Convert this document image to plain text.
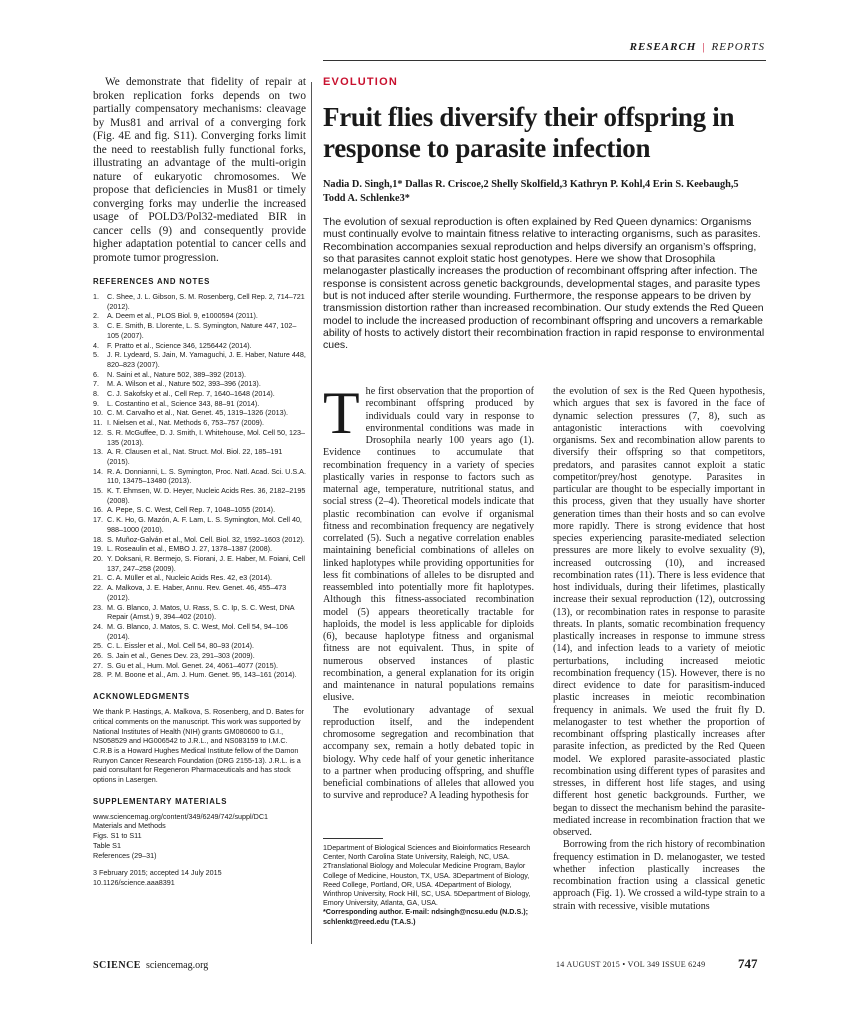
RESEARCH | REPORTS

We demonstrate that fidelity of repair at broken replication forks depends on two partially compensatory mechanisms: cleavage by Mus81 and arrival of a converging fork (Fig. 4E and fig. S11). Converging forks limit the need to reestablish fully functional forks, illustrating an advantage of the multi-origin nature of eukaryotic chromosomes. We propose that deficiencies in Mus81 or timely converging forks may underlie the increased usage of POLD3/Pol32-mediated BIR in cancer cells (9) and consequently provide higher adaptation potential to cancer cells and promote tumor progression.

REFERENCES AND NOTES
1. C. Shee, J. L. Gibson, S. M. Rosenberg, Cell Rep. 2, 714–721 (2012).
2. A. Deem et al., PLOS Biol. 9, e1000594 (2011).
3. C. E. Smith, B. Llorente, L. S. Symington, Nature 447, 102–105 (2007).
4. F. Pratto et al., Science 346, 1256442 (2014).
5. J. R. Lydeard, S. Jain, M. Yamaguchi, J. E. Haber, Nature 448, 820–823 (2007).
6. N. Saini et al., Nature 502, 389–392 (2013).
7. M. A. Wilson et al., Nature 502, 393–396 (2013).
8. C. J. Sakofsky et al., Cell Rep. 7, 1640–1648 (2014).
9. L. Costantino et al., Science 343, 88–91 (2014).
10. C. M. Carvalho et al., Nat. Genet. 45, 1319–1326 (2013).
11. I. Nielsen et al., Nat. Methods 6, 753–757 (2009).
12. S. R. McGuffee, D. J. Smith, I. Whitehouse, Mol. Cell 50, 123–135 (2013).
13. A. R. Clausen et al., Nat. Struct. Mol. Biol. 22, 185–191 (2015).
14. R. A. Donnianni, L. S. Symington, Proc. Natl. Acad. Sci. U.S.A. 110, 13475–13480 (2013).
15. K. T. Ehmsen, W. D. Heyer, Nucleic Acids Res. 36, 2182–2195 (2008).
16. A. Pepe, S. C. West, Cell Rep. 7, 1048–1055 (2014).
17. C. K. Ho, G. Mazón, A. F. Lam, L. S. Symington, Mol. Cell 40, 988–1000 (2010).
18. S. Muñoz-Galván et al., Mol. Cell. Biol. 32, 1592–1603 (2012).
19. L. Roseaulin et al., EMBO J. 27, 1378–1387 (2008).
20. Y. Doksani, R. Bermejo, S. Fiorani, J. E. Haber, M. Foiani, Cell 137, 247–258 (2009).
21. C. A. Müller et al., Nucleic Acids Res. 42, e3 (2014).
22. A. Malkova, J. E. Haber, Annu. Rev. Genet. 46, 455–473 (2012).
23. M. G. Blanco, J. Matos, U. Rass, S. C. Ip, S. C. West, DNA Repair (Amst.) 9, 394–402 (2010).
24. M. G. Blanco, J. Matos, S. C. West, Mol. Cell 54, 94–106 (2014).
25. C. L. Eissler et al., Mol. Cell 54, 80–93 (2014).
26. S. Jain et al., Genes Dev. 23, 291–303 (2009).
27. S. Gu et al., Hum. Mol. Genet. 24, 4061–4077 (2015).
28. P. M. Boone et al., Am. J. Hum. Genet. 95, 143–161 (2014).
ACKNOWLEDGMENTS

We thank P. Hastings, A. Malkova, S. Rosenberg, and D. Bates for critical comments on the manuscript. This work was supported by National Institutes of Health (NIH) grants GM080600 to G.I., NS058529 and HG006542 to J.R.L., and NS083159 to I.M.C. C.R.B is a Howard Hughes Medical Institute fellow of the Damon Runyon Cancer Research Foundation (DRG 2155-13). J.R.L. is a paid consultant for Regeneron Pharmaceuticals and has stock options in Lasergen.

SUPPLEMENTARY MATERIALS
www.sciencemag.org/content/349/6249/742/suppl/DC1
Materials and Methods
Figs. S1 to S11
Table S1
References (29–31)
3 February 2015; accepted 14 July 2015
10.1126/science.aaa8391
EVOLUTION
Fruit flies diversify their offspring in response to parasite infection

Nadia D. Singh,1* Dallas R. Criscoe,2 Shelly Skolfield,3 Kathryn P. Kohl,4 Erin S. Keebaugh,5 Todd A. Schlenke3*

The evolution of sexual reproduction is often explained by Red Queen dynamics: Organisms must continually evolve to maintain fitness relative to interacting organisms, such as parasites. Recombination accompanies sexual reproduction and helps diversify an organism’s offspring, so that parasites cannot exploit static host genotypes. Here we show that Drosophila melanogaster plastically increases the production of recombinant offspring after infection. The response is consistent across genetic backgrounds, developmental stages, and parasite types but is not induced after sterile wounding. Furthermore, the response appears to be driven by transmission distortion rather than increased recombination. Our study extends the Red Queen model to include the increased production of recombinant offspring and uncovers a remarkable ability of hosts to actively distort their recombination fraction in rapid response to environmental cues.

The first observation that the proportion of recombinant offspring produced by individuals could vary in response to environmental conditions was made in Drosophila nearly 100 years ago (1). Evidence continues to accumulate that recombination frequency in a variety of species plastically varies in response to factors such as maternal age, temperature, nutritional status, and social stress (2–4). Theoretical models indicate that plastic recombination can evolve if organismal fitness and recombination frequency are negatively correlated (5). Such a negative correlation enables maintaining beneficial combinations of alleles on linked haplotypes while providing opportunities for less fit combinations of alleles to be disrupted and reassembled into potentially more fit haplotypes. Although this fitness-associated recombination model (5) appears theoretically tractable for haploids, the model is less applicable for diploids (6), because haplotype fitness and organismal fitness are not equivalent. Thus, in spite of numerous observed instances of plastic recombination, a general explanation for its origin and maintenance in natural populations remains elusive.

The evolutionary advantage of sexual reproduction itself, and the independent chromosome segregation and recombination that accompany sex, remain a hotly debated topic in biology. Why cede half of your genetic inheritance to a partner when producing offspring, and shuffle beneficial combinations of alleles that allowed you to survive and reproduce? A leading hypothesis for

the evolution of sex is the Red Queen hypothesis, which argues that sex is favored in the face of dynamic selection pressures (7, 8), such as antagonistic interactions with coevolving organisms. Sex and recombination allow parents to diversify their offspring so that competitors, predators, and parasites cannot exploit a static competitor/prey/host genotype. Parasites in particular are thought to be especially important in this process, given that they usually have shorter generation times than their hosts and so can evolve more rapidly. There is strong evidence that host species experiencing parasite-mediated selection pressures are more likely to evolve sexuality (9), increased outcrossing (10), and increased recombination rates (11). There is less evidence that host individuals, during their lifetimes, plastically increase their sexual reproduction (12), outcrossing (13), or recombination rates in response to parasite threats. In plants, somatic recombination frequency plastically increases in response to immune stress (14), and infection leads to a variety of meiotic perturbations, including increased meiotic recombination frequency (15). However, there is no direct evidence to date for parasitism-induced plastic increases in meiotic recombination frequency in animals. We used the fruit fly D. melanogaster to test whether the proportion of recombinant offspring plastically increases after parasite infection, as predicted by the Red Queen model. We explored parasite-associated plastic recombination using different types of parasites and stresses, in different host life stages, and using different host genetic backgrounds. Further, we began to dissect the mechanism behind the parasite-mediated increase in recombination fraction that we observed.

Borrowing from the rich history of recombination frequency estimation in D. melanogaster, we tested whether infection plastically increases the recombination fraction using a classical genetic approach (Fig. 1). We crossed a wild-type strain to a strain with recessive, visible mutations

1Department of Biological Sciences and Bioinformatics Research Center, North Carolina State University, Raleigh, NC, USA. 2Translational Biology and Molecular Medicine Program, Baylor College of Medicine, Houston, TX, USA. 3Department of Biology, Reed College, Portland, OR, USA. 4Department of Biology, Winthrop University, Rock Hill, SC, USA. 5Department of Biology, Emory University, Atlanta, GA, USA.
*Corresponding author. E-mail: ndsingh@ncsu.edu (N.D.S.); schlenkt@reed.edu (T.A.S.)
SCIENCE sciencemag.org	14 AUGUST 2015 • VOL 349 ISSUE 6249	747
